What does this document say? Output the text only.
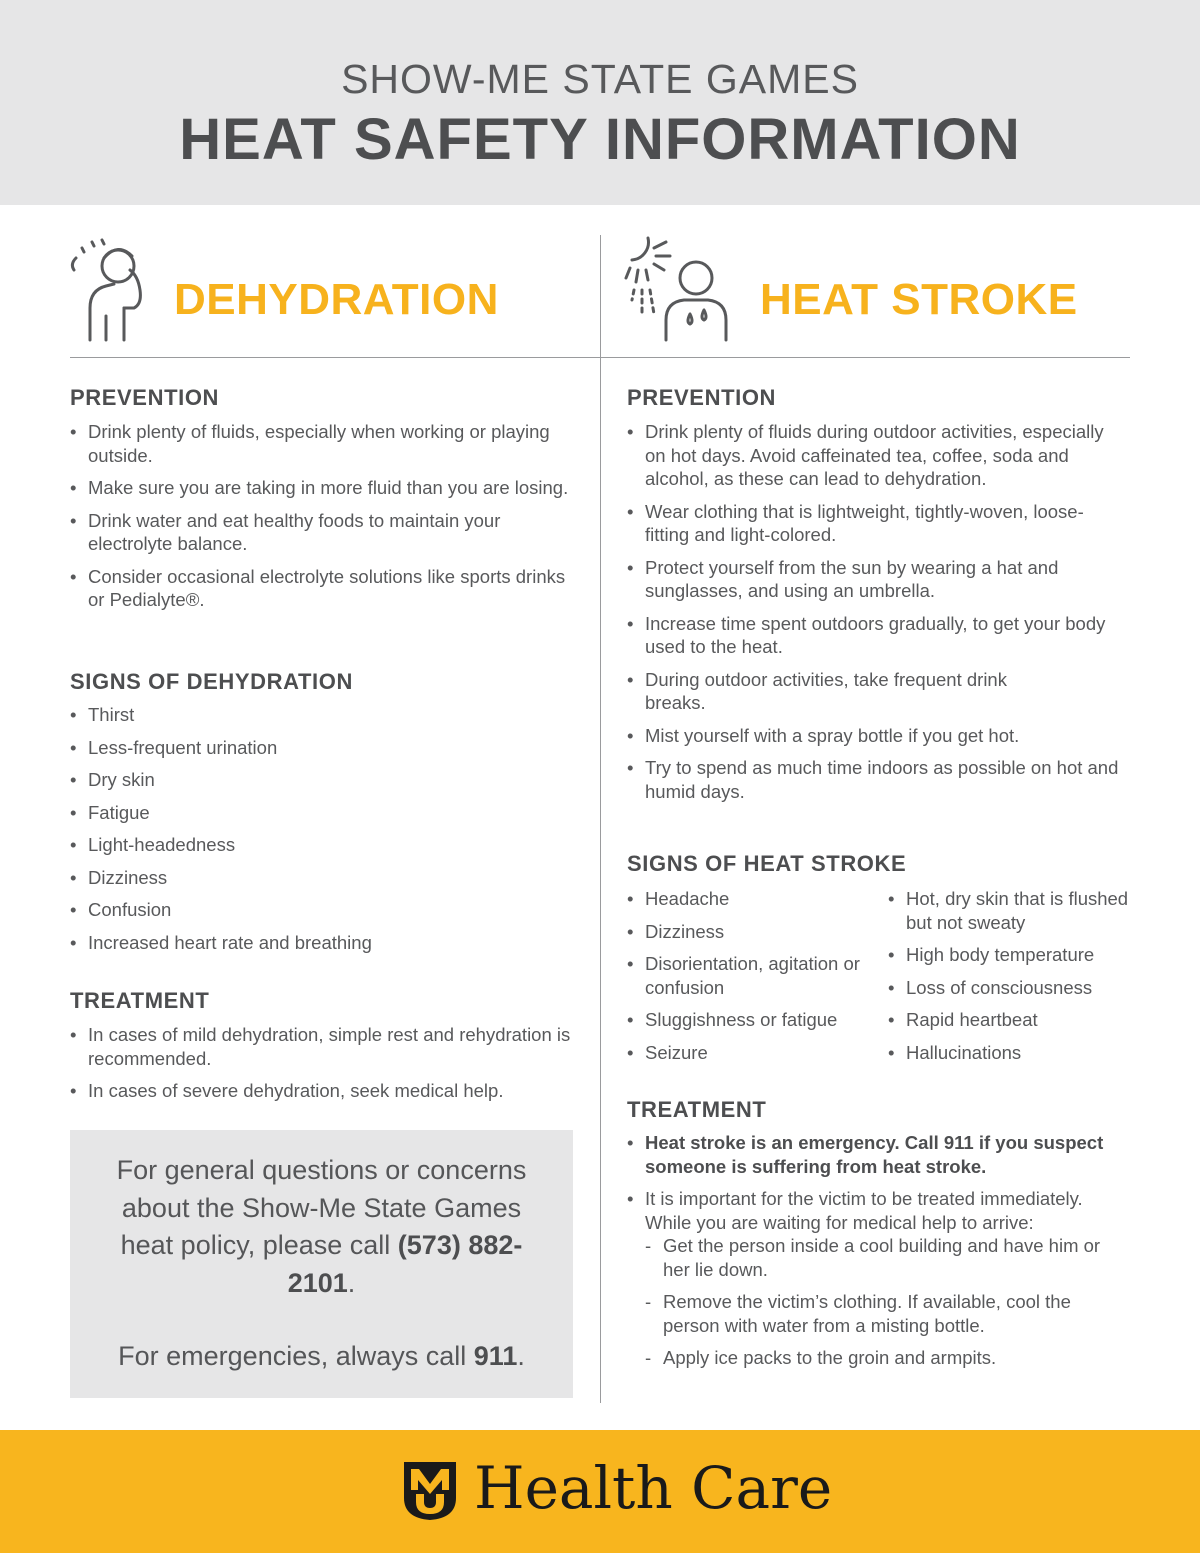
SHOW-ME STATE GAMES
HEAT SAFETY INFORMATION
DEHYDRATION	HEAT STROKE
PREVENTION
• Drink plenty of fluids, especially when working or playing outside.
• Make sure you are taking in more fluid than you are losing.
• Drink water and eat healthy foods to maintain your electrolyte balance.
• Consider occasional electrolyte solutions like sports drinks or Pedialyte®.
SIGNS OF DEHYDRATION
• Thirst
• Less-frequent urination
• Dry skin
• Fatigue
• Light-headedness
• Dizziness
• Confusion
• Increased heart rate and breathing
TREATMENT
• In cases of mild dehydration, simple rest and rehydration is recommended.
• In cases of severe dehydration, seek medical help.
For general questions or concerns about the Show-Me State Games heat policy, please call (573) 882-2101.
For emergencies, always call 911.
PREVENTION
• Drink plenty of fluids during outdoor activities, especially on hot days. Avoid caffeinated tea, coffee, soda and alcohol, as these can lead to dehydration.
• Wear clothing that is lightweight, tightly-woven, loose-fitting and light-colored.
• Protect yourself from the sun by wearing a hat and sunglasses, and using an umbrella.
• Increase time spent outdoors gradually, to get your body used to the heat.
• During outdoor activities, take frequent drink breaks.
• Mist yourself with a spray bottle if you get hot.
• Try to spend as much time indoors as possible on hot and humid days.
SIGNS OF HEAT STROKE
• Headache
• Dizziness
• Disorientation, agitation or confusion
• Sluggishness or fatigue
• Seizure
• Hot, dry skin that is flushed but not sweaty
• High body temperature
• Loss of consciousness
• Rapid heartbeat
• Hallucinations
TREATMENT
• Heat stroke is an emergency. Call 911 if you suspect someone is suffering from heat stroke.
• It is important for the victim to be treated immediately. While you are waiting for medical help to arrive:
- Get the person inside a cool building and have him or her lie down.
- Remove the victim’s clothing. If available, cool the person with water from a misting bottle.
- Apply ice packs to the groin and armpits.
Health Care
